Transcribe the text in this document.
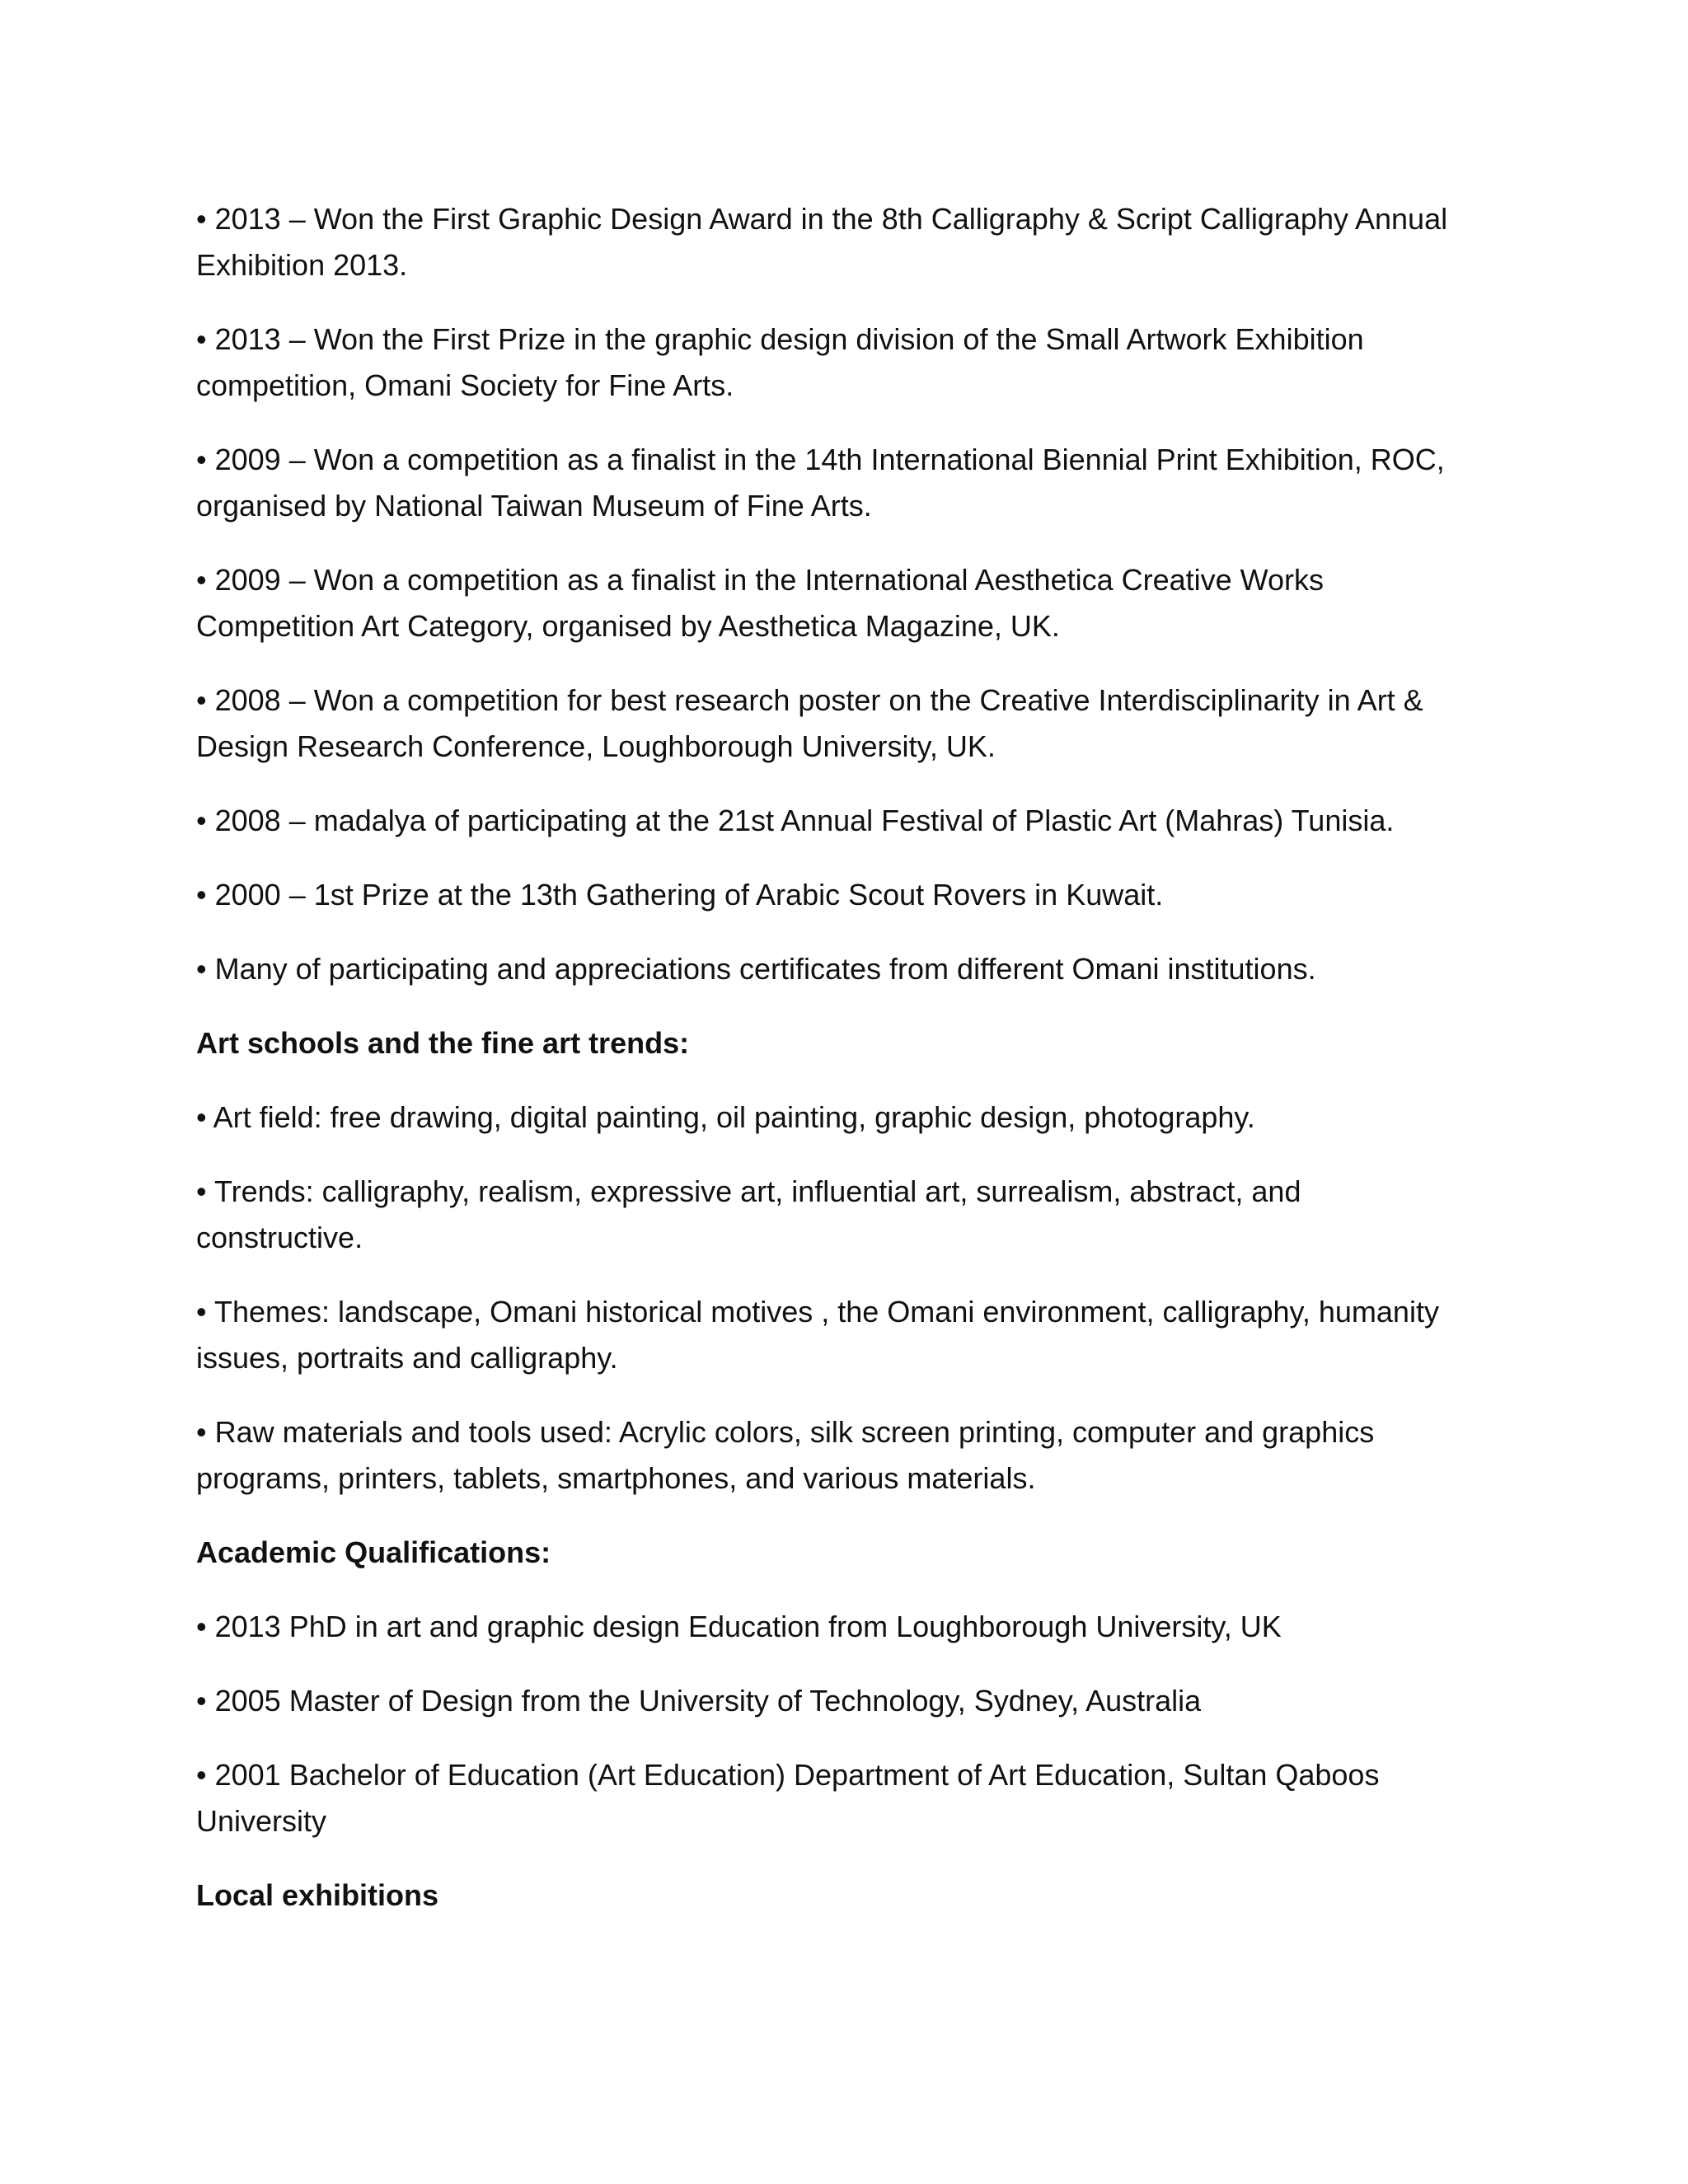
• 2013 – Won the First Graphic Design Award in the 8th Calligraphy & Script Calligraphy Annual
Exhibition 2013.

• 2013 – Won the First Prize in the graphic design division of the Small Artwork Exhibition
competition, Omani Society for Fine Arts.

• 2009 – Won a competition as a finalist in the 14th International Biennial Print Exhibition, ROC,
organised by National Taiwan Museum of Fine Arts.

• 2009 – Won a competition as a finalist in the International Aesthetica Creative Works
Competition Art Category, organised by Aesthetica Magazine, UK.

• 2008 – Won a competition for best research poster on the Creative Interdisciplinarity in Art &
Design Research Conference, Loughborough University, UK.

• 2008 – madalya of participating at the 21st Annual Festival of Plastic Art (Mahras) Tunisia.

• 2000 – 1st Prize at the 13th Gathering of Arabic Scout Rovers in Kuwait.

• Many of participating and appreciations certificates from different Omani institutions.

Art schools and the fine art trends:

• Art field: free drawing, digital painting, oil painting, graphic design, photography.

• Trends: calligraphy, realism, expressive art, influential art, surrealism, abstract, and
constructive.

• Themes: landscape, Omani historical motives , the Omani environment, calligraphy, humanity
issues, portraits and calligraphy.

• Raw materials and tools used: Acrylic colors, silk screen printing, computer and graphics
programs, printers, tablets, smartphones, and various materials.

Academic Qualifications:

• 2013 PhD in art and graphic design Education from Loughborough University, UK

• 2005 Master of Design from the University of Technology, Sydney, Australia

• 2001 Bachelor of Education (Art Education) Department of Art Education, Sultan Qaboos
University

Local exhibitions
